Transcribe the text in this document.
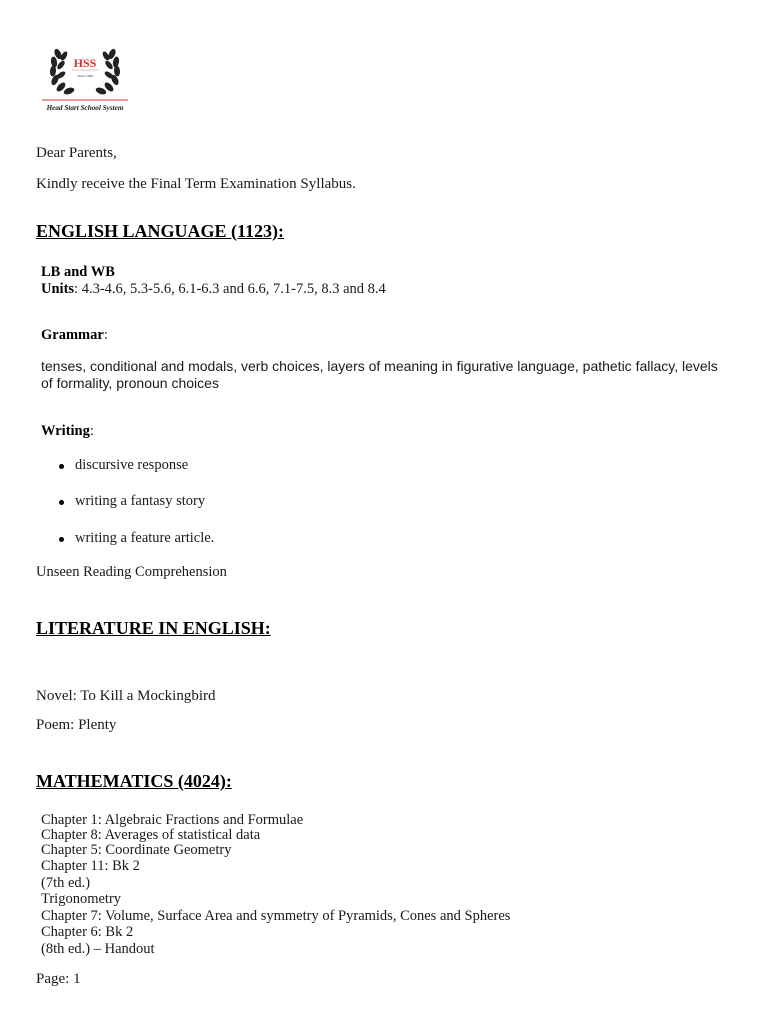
HSS
Since 1988
Head Start School System
Dear Parents,
Kindly receive the Final Term Examination Syllabus.
ENGLISH LANGUAGE (1123):
LB and WB
Units: 4.3-4.6, 5.3-5.6, 6.1-6.3 and 6.6, 7.1-7.5, 8.3 and 8.4
Grammar:
tenses, conditional and modals, verb choices, layers of meaning in figurative language, pathetic fallacy, levels
of formality, pronoun choices
Writing:
discursive response
writing a fantasy story
writing a feature article.
Unseen Reading Comprehension
LITERATURE IN ENGLISH:
Novel: To Kill a Mockingbird
Poem: Plenty
MATHEMATICS (4024):
Chapter 1: Algebraic Fractions and Formulae
Chapter 8: Averages of statistical data
Chapter 5: Coordinate Geometry
Chapter 11: Bk 2
(7th ed.)
Trigonometry
Chapter 7: Volume, Surface Area and symmetry of Pyramids, Cones and Spheres
Chapter 6: Bk 2
(8th ed.) – Handout
Page: 1
